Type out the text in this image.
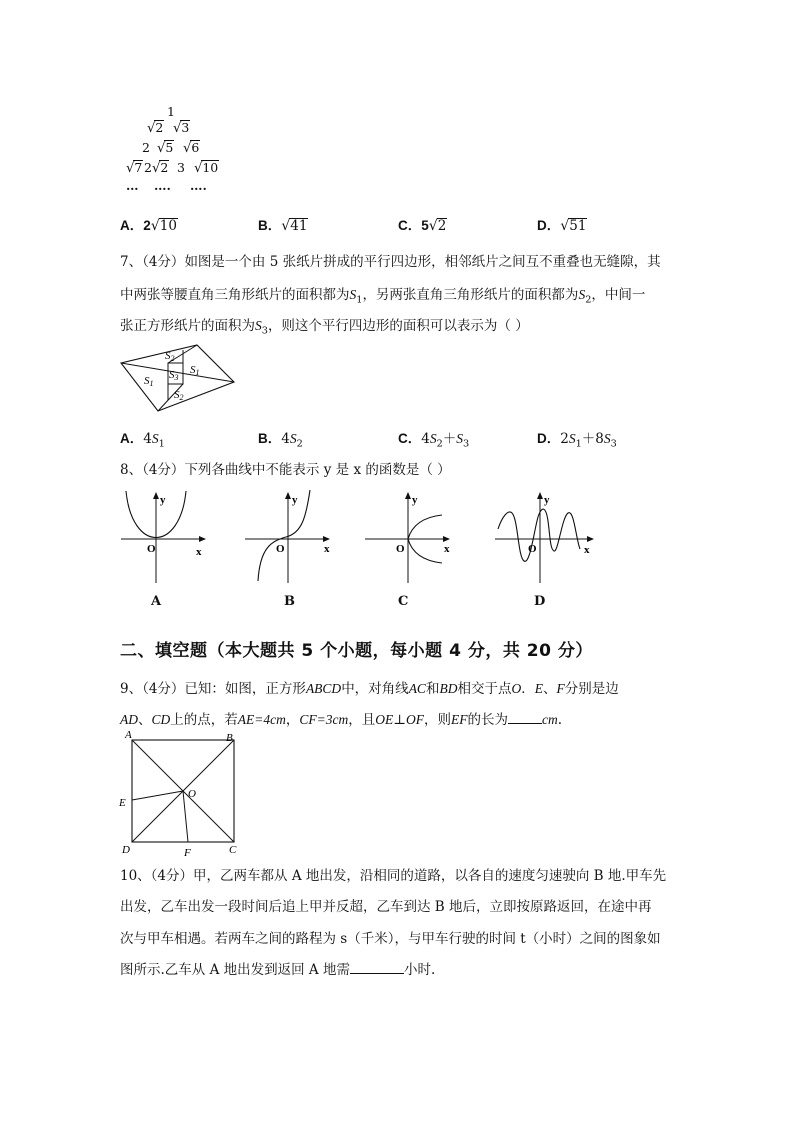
1
√2 √3
2 √5 √6
√7 2√2 3 √10
… …. ….
A．2√10	B．√41	C．5√2	D．√51
7、（4分）如图是一个由 5 张纸片拼成的平行四边形，相邻纸片之间互不重叠也无缝隙，其
中两张等腰直角三角形纸片的面积都为$S_1$，另两张直角三角形纸片的面积都为$S_2$，中间一
张正方形纸片的面积为$S_3$，则这个平行四边形的面积可以表示为（ ）
S2
S1
S3
S1
S2
A．$4S_1$	B．$4S_2$	C．$4S_2+S_3$	D．$2S_1+8S_3$
8、（4分）下列各曲线中不能表示 y 是 x 的函数是（ ）
y
O	x
A
y
O	x
B
y
O	x
C
y
O	x
D
二、填空题（本大题共 5 个小题，每小题 4 分，共 20 分）
9、（4分）已知：如图，正方形ABCD中，对角线AC和BD相交于点O．E、F分别是边
AD、CD上的点，若AE=4cm，CF=3cm，且OE⊥OF，则EF的长为	cm.
A	B
O
E
D	F	C
10、（4分）甲，乙两车都从 A 地出发，沿相同的道路，以各自的速度匀速驶向 B 地.甲车先
出发，乙车出发一段时间后追上甲并反超，乙车到达 B 地后，立即按原路返回，在途中再
次与甲车相遇。若两车之间的路程为 s（千米），与甲车行驶的时间 t（小时）之间的图象如
图所示.乙车从 A 地出发到返回 A 地需	小时.
